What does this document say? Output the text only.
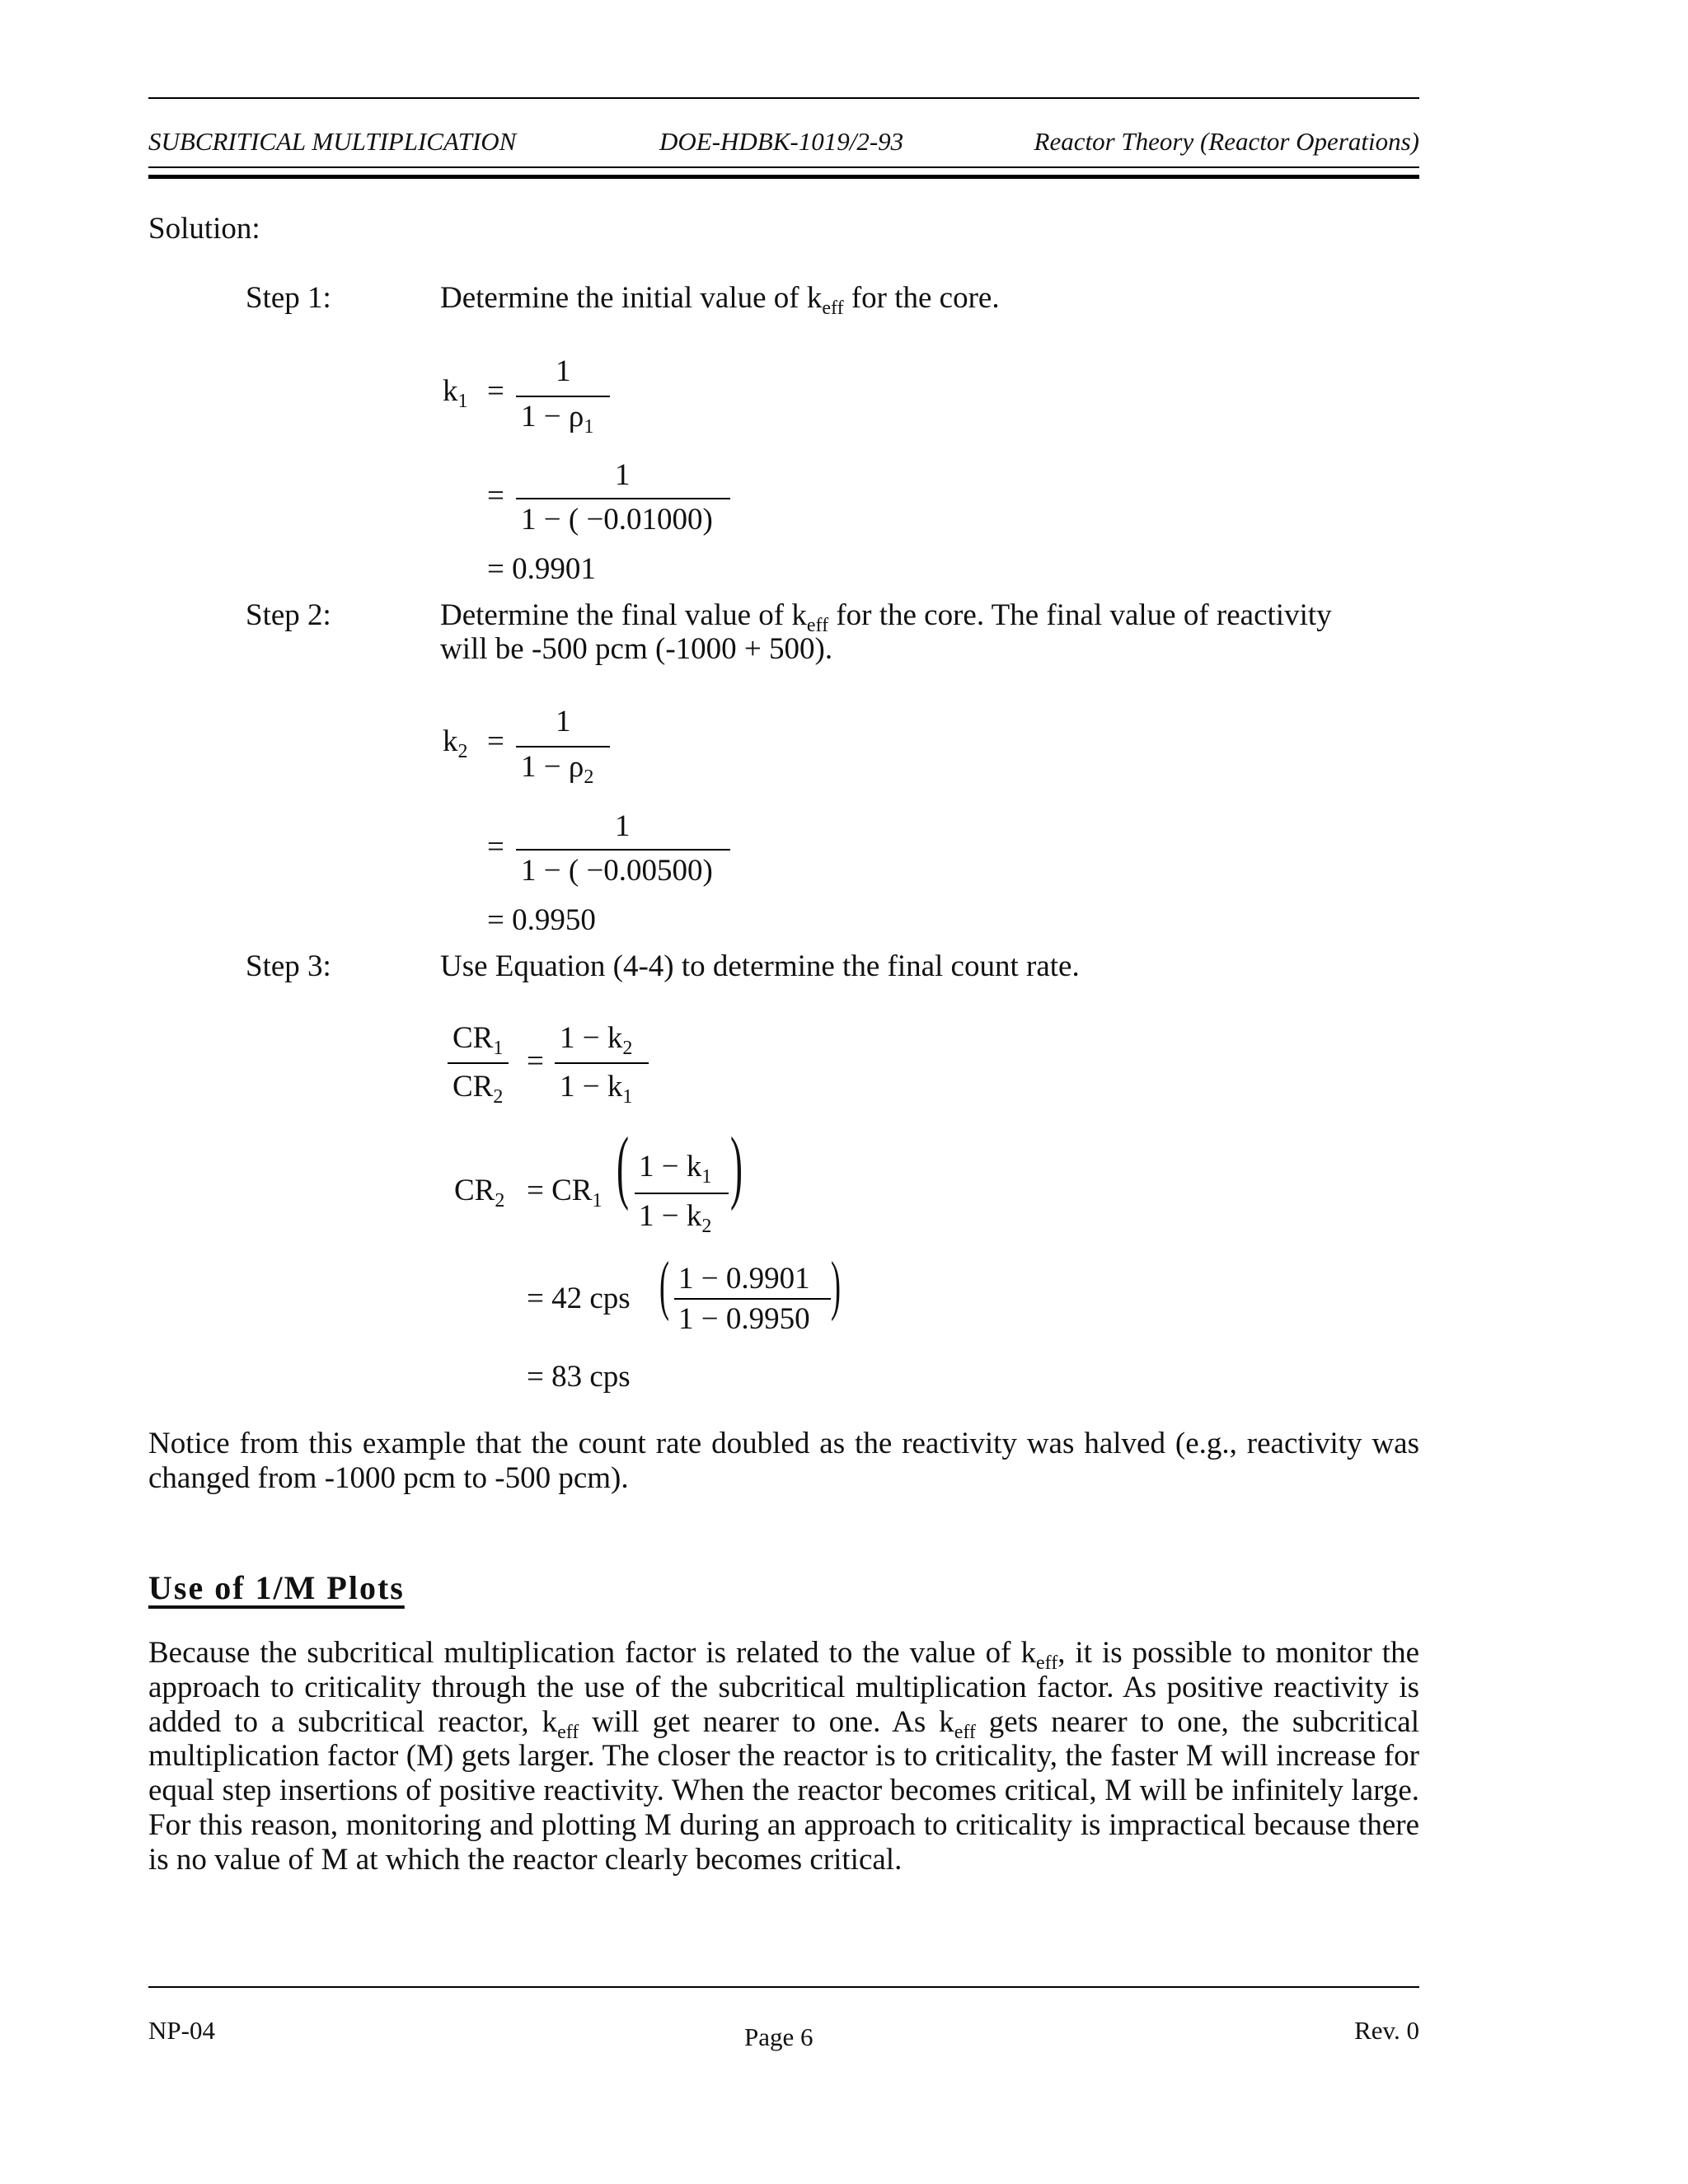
SUBCRITICAL MULTIPLICATION	DOE-HDBK-1019/2-93	Reactor Theory (Reactor Operations)
Solution:
Step 1:	Determine the initial value of $k_{eff}$ for the core.
$k_1$ =
1
$1 - \rho_1$
=
1
1 − ( −0.01000)
= 0.9901
Step 2:	Determine the final value of $k_{eff}$ for the core. The final value of reactivity
will be -500 pcm (-1000 + 500).
$k_2$ =
1
$1 - \rho_2$
=
1
1 − ( −0.00500)
= 0.9950
Step 3:	Use Equation (4-4) to determine the final count rate.
$CR_1$
$CR_2$
=
$1 - k_2$
$1 - k_1$
$CR_2 = CR_1$ ( $1 - k_1$
$1 - k_2$
)
= 42 cps ( 1 − 0.9901
1 − 0.9950 )
= 83 cps
Notice from this example that the count rate doubled as the reactivity was halved (e.g., reactivity was changed from -1000 pcm to -500 pcm).
Use of 1/M Plots
Because the subcritical multiplication factor is related to the value of $k_{eff}$, it is possible to monitor the approach to criticality through the use of the subcritical multiplication factor. As positive reactivity is added to a subcritical reactor, $k_{eff}$ will get nearer to one. As $k_{eff}$ gets nearer to one, the subcritical multiplication factor (M) gets larger. The closer the reactor is to criticality, the faster M will increase for equal step insertions of positive reactivity. When the reactor becomes critical, M will be infinitely large. For this reason, monitoring and plotting M during an approach to criticality is impractical because there is no value of M at which the reactor clearly becomes critical.
NP-04	Page 6	Rev. 0
